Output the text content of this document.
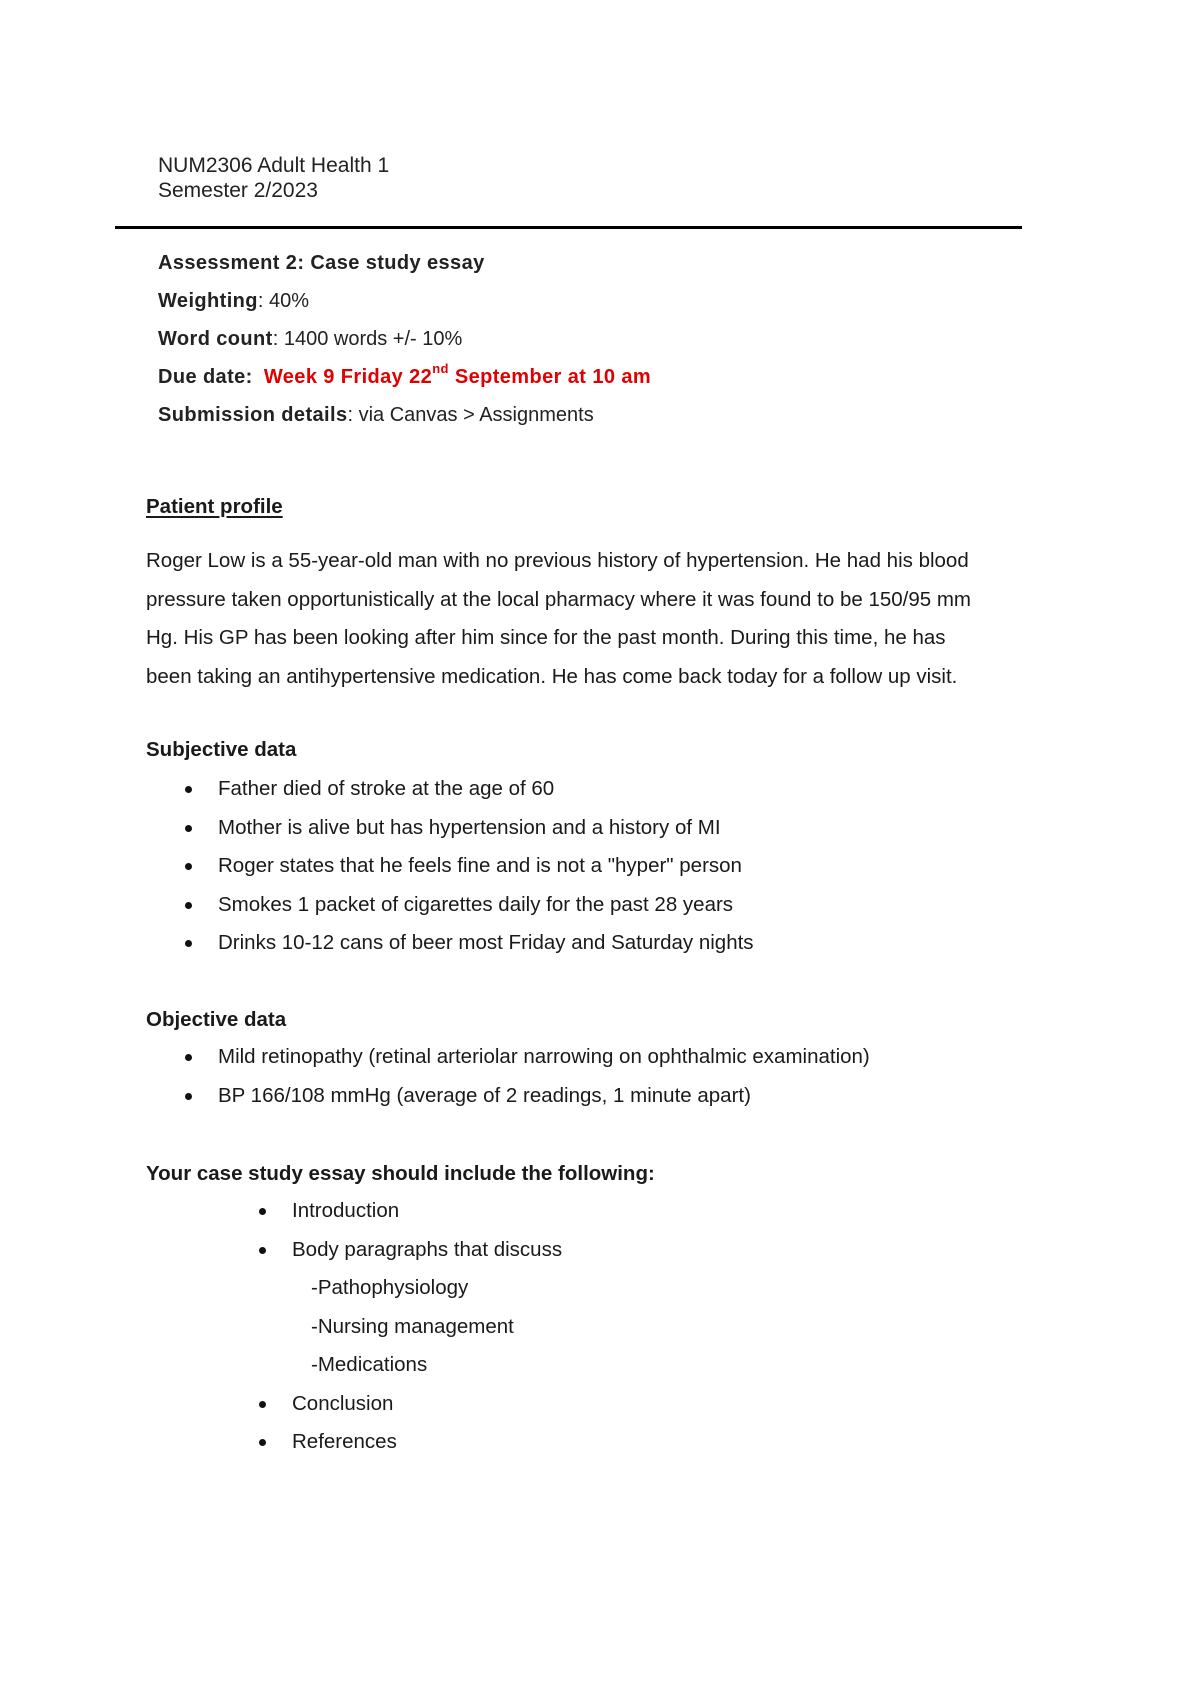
NUM2306 Adult Health 1
Semester 2/2023
Assessment 2: Case study essay
Weighting: 40%
Word count: 1400 words +/- 10%
Due date: Week 9 Friday 22nd September at 10 am
Submission details: via Canvas > Assignments

Patient profile

Roger Low is a 55-year-old man with no previous history of hypertension. He had his blood

pressure taken opportunistically at the local pharmacy where it was found to be 150/95 mm

Hg. His GP has been looking after him since for the past month. During this time, he has

been taking an antihypertensive medication. He has come back today for a follow up visit.

Subjective data

Father died of stroke at the age of 60
Mother is alive but has hypertension and a history of MI
Roger states that he feels fine and is not a "hyper" person
Smokes 1 packet of cigarettes daily for the past 28 years
Drinks 10-12 cans of beer most Friday and Saturday nights

Objective data

Mild retinopathy (retinal arteriolar narrowing on ophthalmic examination)
BP 166/108 mmHg (average of 2 readings, 1 minute apart)

Your case study essay should include the following:

Introduction
Body paragraphs that discuss
-Pathophysiology
-Nursing management
-Medications
Conclusion
References
